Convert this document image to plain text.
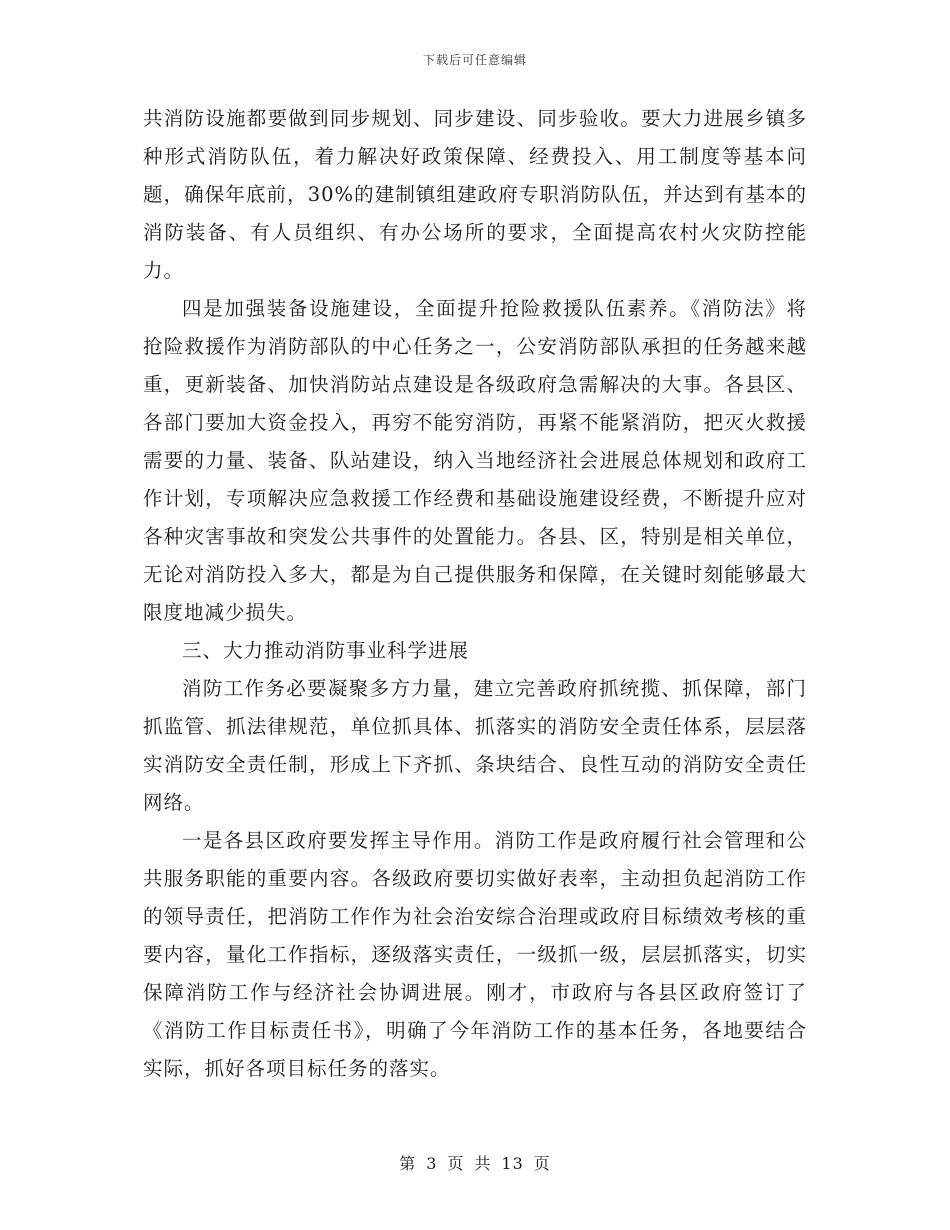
下载后可任意编辑

共消防设施都要做到同步规划、同步建设、同步验收。要大力进展乡镇多种形式消防队伍，着力解决好政策保障、经费投入、用工制度等基本问题，确保年底前，30%的建制镇组建政府专职消防队伍，并达到有基本的消防装备、有人员组织、有办公场所的要求，全面提高农村火灾防控能力。

四是加强装备设施建设，全面提升抢险救援队伍素养。《消防法》将抢险救援作为消防部队的中心任务之一，公安消防部队承担的任务越来越重，更新装备、加快消防站点建设是各级政府急需解决的大事。各县区、各部门要加大资金投入，再穷不能穷消防，再紧不能紧消防，把灭火救援需要的力量、装备、队站建设，纳入当地经济社会进展总体规划和政府工作计划，专项解决应急救援工作经费和基础设施建设经费，不断提升应对各种灾害事故和突发公共事件的处置能力。各县、区，特别是相关单位，无论对消防投入多大，都是为自己提供服务和保障，在关键时刻能够最大限度地减少损失。

三、大力推动消防事业科学进展

消防工作务必要凝聚多方力量，建立完善政府抓统揽、抓保障，部门抓监管、抓法律规范，单位抓具体、抓落实的消防安全责任体系，层层落实消防安全责任制，形成上下齐抓、条块结合、良性互动的消防安全责任网络。

一是各县区政府要发挥主导作用。消防工作是政府履行社会管理和公共服务职能的重要内容。各级政府要切实做好表率，主动担负起消防工作的领导责任，把消防工作作为社会治安综合治理或政府目标绩效考核的重要内容，量化工作指标，逐级落实责任，一级抓一级，层层抓落实，切实保障消防工作与经济社会协调进展。刚才，市政府与各县区政府签订了《消防工作目标责任书》，明确了今年消防工作的基本任务，各地要结合实际，抓好各项目标任务的落实。

第 3 页 共 13 页
